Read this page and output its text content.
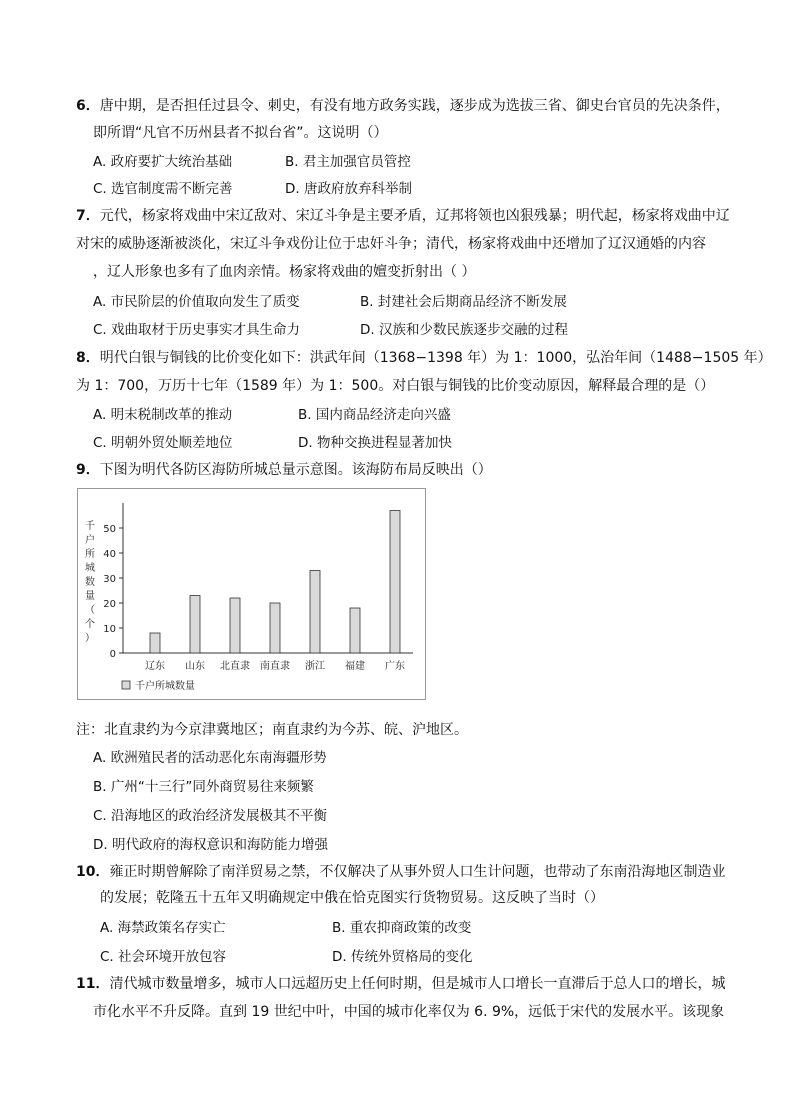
6．唐中期，是否担任过县令、刺史，有没有地方政务实践，逐步成为选拔三省、御史台官员的先决条件，
即所谓“凡官不历州县者不拟台省”。这说明（）
A. 政府要扩大统治基础	B. 君主加强官员管控
C. 选官制度需不断完善	D. 唐政府放弃科举制
7．元代，杨家将戏曲中宋辽敌对、宋辽斗争是主要矛盾，辽邦将领也凶狠残暴；明代起，杨家将戏曲中辽
对宋的威胁逐渐被淡化，宋辽斗争戏份让位于忠奸斗争；清代，杨家将戏曲中还增加了辽汉通婚的内容
，辽人形象也多有了血肉亲情。杨家将戏曲的嬗变折射出（ ）
A. 市民阶层的价值取向发生了质变	B. 封建社会后期商品经济不断发展
C. 戏曲取材于历史事实才具生命力	D. 汉族和少数民族逐步交融的过程
8．明代白银与铜钱的比价变化如下：洪武年间（1368−1398 年）为 1：1000，弘治年间（1488−1505 年）
为 1：700，万历十七年（1589 年）为 1：500。对白银与铜钱的比价变动原因，解释最合理的是（）
A. 明末税制改革的推动	B. 国内商品经济走向兴盛
C. 明朝外贸处顺差地位	D. 物种交换进程显著加快
9．下图为明代各防区海防所城总量示意图。该海防布局反映出（）
0
10
20
30
40
50
千
户
所
城
数
量
（
个
）
辽东 山东 北直隶 南直隶 浙江 福建 广东
千户所城数量
注：北直隶约为今京津冀地区；南直隶约为今苏、皖、沪地区。
A. 欧洲殖民者的活动恶化东南海疆形势
B. 广州“十三行”同外商贸易往来频繁
C. 沿海地区的政治经济发展极其不平衡
D. 明代政府的海权意识和海防能力增强
10．雍正时期曾解除了南洋贸易之禁，不仅解决了从事外贸人口生计问题，也带动了东南沿海地区制造业
的发展；乾隆五十五年又明确规定中俄在恰克图实行货物贸易。这反映了当时（）
A. 海禁政策名存实亡	B. 重农抑商政策的改变
C. 社会环境开放包容	D. 传统外贸格局的变化
11．清代城市数量增多，城市人口远超历史上任何时期，但是城市人口增长一直滞后于总人口的增长，城
市化水平不升反降。直到 19 世纪中叶，中国的城市化率仅为 6. 9%，远低于宋代的发展水平。该现象
